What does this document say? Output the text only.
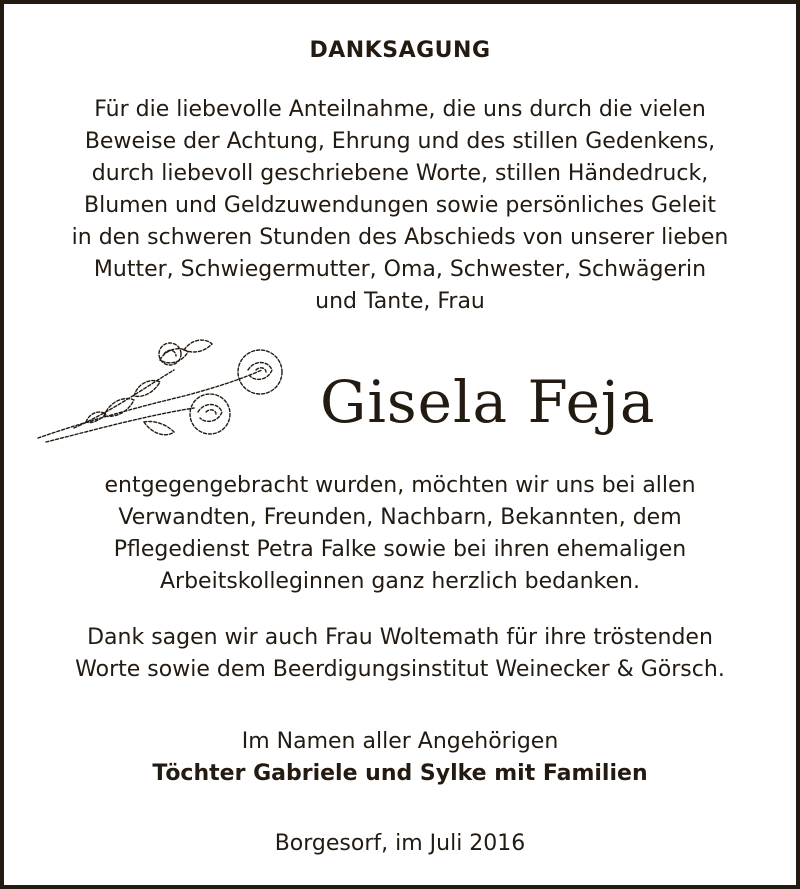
DANKSAGUNG
Für die liebevolle Anteilnahme, die uns durch die vielen
Beweise der Achtung, Ehrung und des stillen Gedenkens,
durch liebevoll geschriebene Worte, stillen Händedruck,
Blumen und Geldzuwendungen sowie persönliches Geleit
in den schweren Stunden des Abschieds von unserer lieben
Mutter, Schwiegermutter, Oma, Schwester, Schwägerin
und Tante, Frau
Gisela Feja
entgegengebracht wurden, möchten wir uns bei allen
Verwandten, Freunden, Nachbarn, Bekannten, dem
Pflegedienst Petra Falke sowie bei ihren ehemaligen
Arbeitskolleginnen ganz herzlich bedanken.
Dank sagen wir auch Frau Woltemath für ihre tröstenden
Worte sowie dem Beerdigungsinstitut Weinecker & Görsch.
Im Namen aller Angehörigen
Töchter Gabriele und Sylke mit Familien
Borgesorf, im Juli 2016
